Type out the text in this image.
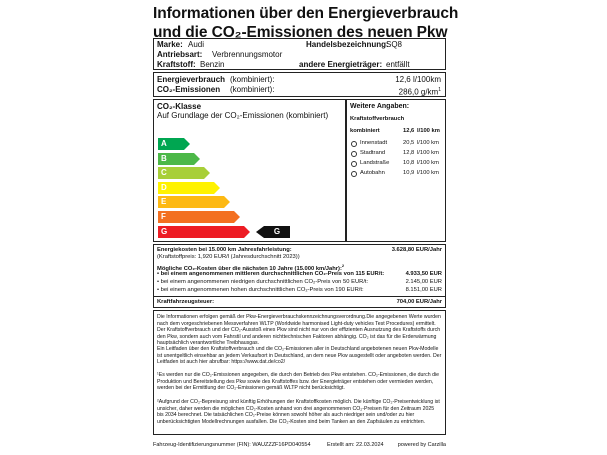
Informationen über den Energieverbrauch
und die CO₂-Emissionen des neuen Pkw
Marke: Audi	Handelsbezeichnung:
SQ8
Antriebsart: Verbrennungsmotor
Kraftstoff: Benzin	andere Energieträger: entfällt
Energieverbrauch (kombiniert):	12,6 l/100km
CO₂-Emissionen (kombiniert):	286,0 $g/km^1$
CO₂-Klasse
Auf Grundlage der CO₂-Emissionen (kombiniert)
A
B
C
D
E
F
G	G
Weitere Angaben:
Kraftstoffverbrauch
kombiniert	12,6 l/100 km
Innenstadt	20,5 l/100 km
Stadtrand	12,8 l/100 km
Landstraße 10,8 l/100 km
Autobahn	10,9 l/100 km
Energiekosten bei 15.000 km Jahresfahrleistung:	3.628,80 EUR/Jahr
(Kraftstoffpreis: 1,920 EUR/l (Jahresdurchschnitt 2023))
Mögliche CO₂-Kosten über die nächsten 10 Jahre (15.000 km/Jahr):$^2$
• bei einem angenommenen mittleren durchschnittlichen CO₂-Preis von 115 EUR/t:	4.933,50 EUR
• bei einem angenommenen niedrigen durchschnittlichen CO₂-Preis von 50 EUR/t:	2.145,00 EUR
• bei einem angenommenen hohen durchschnittlichen CO₂-Preis von 190 EUR/t:	8.151,00 EUR
Kraftfahrzeugsteuer:	704,00 EUR/Jahr
Die Informationen erfolgen gemäß der Pkw-Energieverbrauchskennzeichnungsverordnung.Die angegebenen Werte wurden nach dem vorgeschriebenen Messverfahren WLTP (Worldwide harmonised Light-duty vehicles Test Procedures) ermittelt. Der Kraftstoffverbrauch und der CO₂-Ausstoß eines Pkw sind nicht nur von der effizienten Ausnutzung des Kraftstoffs durch den Pkw, sondern auch vom Fahrstil und anderen nichttechnischen Faktoren abhängig. CO₂ ist das für die Erderwärmung hauptsächlich verantwortliche Treibhausgas.
Ein Leitfaden über den Kraftstoffverbrauch und die CO₂-Emissionen aller in Deutschland angebotenen neuen Pkw-Modelle ist unentgeltlich einsehbar an jedem Verkaufsort in Deutschland, an dem neue Pkw ausgestellt oder angeboten werden. Der Leitfaden ist auch hier abrufbar: https://www.dat.de/co2/
¹Es werden nur die CO₂-Emissionen angegeben, die durch den Betrieb des Pkw entstehen. CO₂-Emissionen, die durch die Produktion und Bereitstellung des Pkw sowie des Kraftstoffes bzw. der Energieträger entstehen oder vermieden werden, werden bei der Ermittlung der CO₂-Emissionen gemäß WLTP nicht berücksichtigt.
²Aufgrund der CO₂-Bepreisung sind künftig Erhöhungen der Kraftstoffkosten möglich. Die künftige CO₂-Preisentwicklung ist unsicher, daher werden die möglichen CO₂-Kosten anhand von drei angenommenen CO₂-Preisen für den Zeitraum 2025 bis 2034 berechnet. Die tatsächlichen CO₂-Preise können sowohl höher als auch niedriger sein und/oder zu hier unberücksichtigten Modellrechnungen ausfallen. Die CO₂-Kosten sind beim Tanken an den Zapfsäulen zu entrichten.
Fahrzeug-Identifizierungsnummer (FIN): WAUZZZF16PD040554	Erstellt am: 22.03.2024	powered by Carzilla
